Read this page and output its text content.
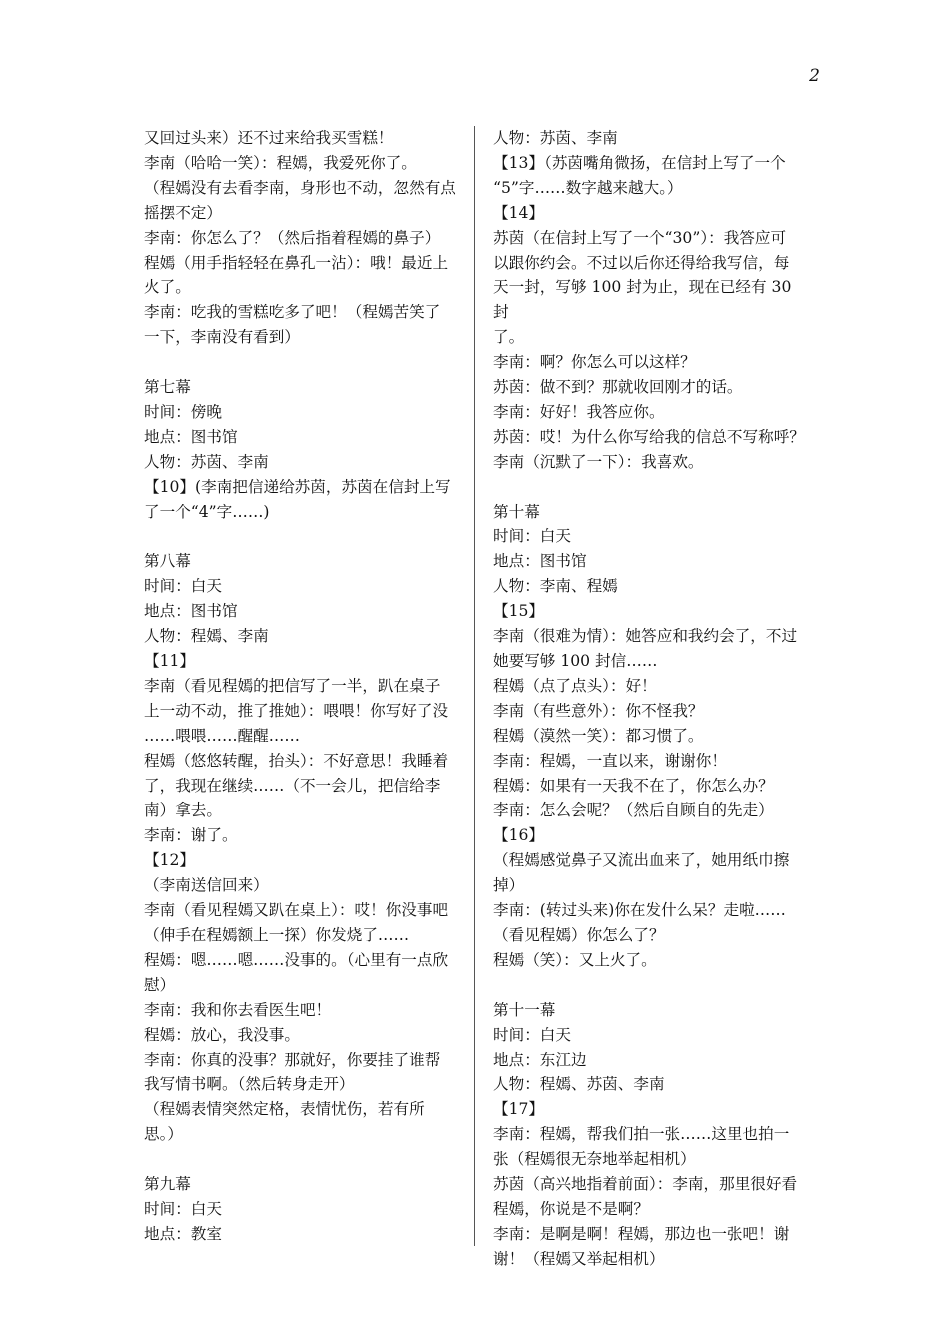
2

又回过头来）还不过来给我买雪糕！

李南（哈哈一笑）：程嫣，我爱死你了。

（程嫣没有去看李南，身形也不动，忽然有点

摇摆不定）

李南：你怎么了？（然后指着程嫣的鼻子）

程嫣（用手指轻轻在鼻孔一沾）：哦！最近上

火了。

李南：吃我的雪糕吃多了吧！（程嫣苦笑了

一下，李南没有看到）

第七幕

时间：傍晚

地点：图书馆

人物：苏茵、李南

【10】(李南把信递给苏茵，苏茵在信封上写

了一个“4”字……)

第八幕

时间：白天

地点：图书馆

人物：程嫣、李南

【11】

李南（看见程嫣的把信写了一半，趴在桌子

上一动不动，推了推她）：喂喂！你写好了没

……喂喂……醒醒……

程嫣（悠悠转醒，抬头）：不好意思！我睡着

了，我现在继续……（不一会儿，把信给李

南）拿去。

李南：谢了。

【12】

（李南送信回来）

李南（看见程嫣又趴在桌上）：哎！你没事吧

（伸手在程嫣额上一探）你发烧了……

程嫣：嗯……嗯……没事的。（心里有一点欣

慰）

李南：我和你去看医生吧！

程嫣：放心，我没事。

李南：你真的没事？那就好，你要挂了谁帮

我写情书啊。（然后转身走开）

（程嫣表情突然定格，表情忧伤，若有所

思。）

第九幕

时间：白天

地点：教室

人物：苏茵、李南

【13】（苏茵嘴角微扬，在信封上写了一个

“5”字……数字越来越大。）

【14】

苏茵（在信封上写了一个“30”）：我答应可

以跟你约会。不过以后你还得给我写信，每

天一封，写够 100 封为止，现在已经有 30 封

了。

李南：啊？你怎么可以这样？

苏茵：做不到？那就收回刚才的话。

李南：好好！我答应你。

苏茵：哎！为什么你写给我的信总不写称呼？

李南（沉默了一下）：我喜欢。

第十幕

时间：白天

地点：图书馆

人物：李南、程嫣

【15】

李南（很难为情）：她答应和我约会了，不过

她要写够 100 封信……

程嫣（点了点头）：好！

李南（有些意外）：你不怪我？

程嫣（漠然一笑）：都习惯了。

李南：程嫣，一直以来，谢谢你！

程嫣：如果有一天我不在了，你怎么办？

李南：怎么会呢？（然后自顾自的先走）

【16】

（程嫣感觉鼻子又流出血来了，她用纸巾擦

掉）

李南：(转过头来)你在发什么呆？走啦……

（看见程嫣）你怎么了？

程嫣（笑）：又上火了。

第十一幕

时间：白天

地点：东江边

人物：程嫣、苏茵、李南

【17】

李南：程嫣，帮我们拍一张……这里也拍一

张（程嫣很无奈地举起相机）

苏茵（高兴地指着前面）：李南，那里很好看

程嫣，你说是不是啊？

李南：是啊是啊！程嫣，那边也一张吧！谢

谢！（程嫣又举起相机）
